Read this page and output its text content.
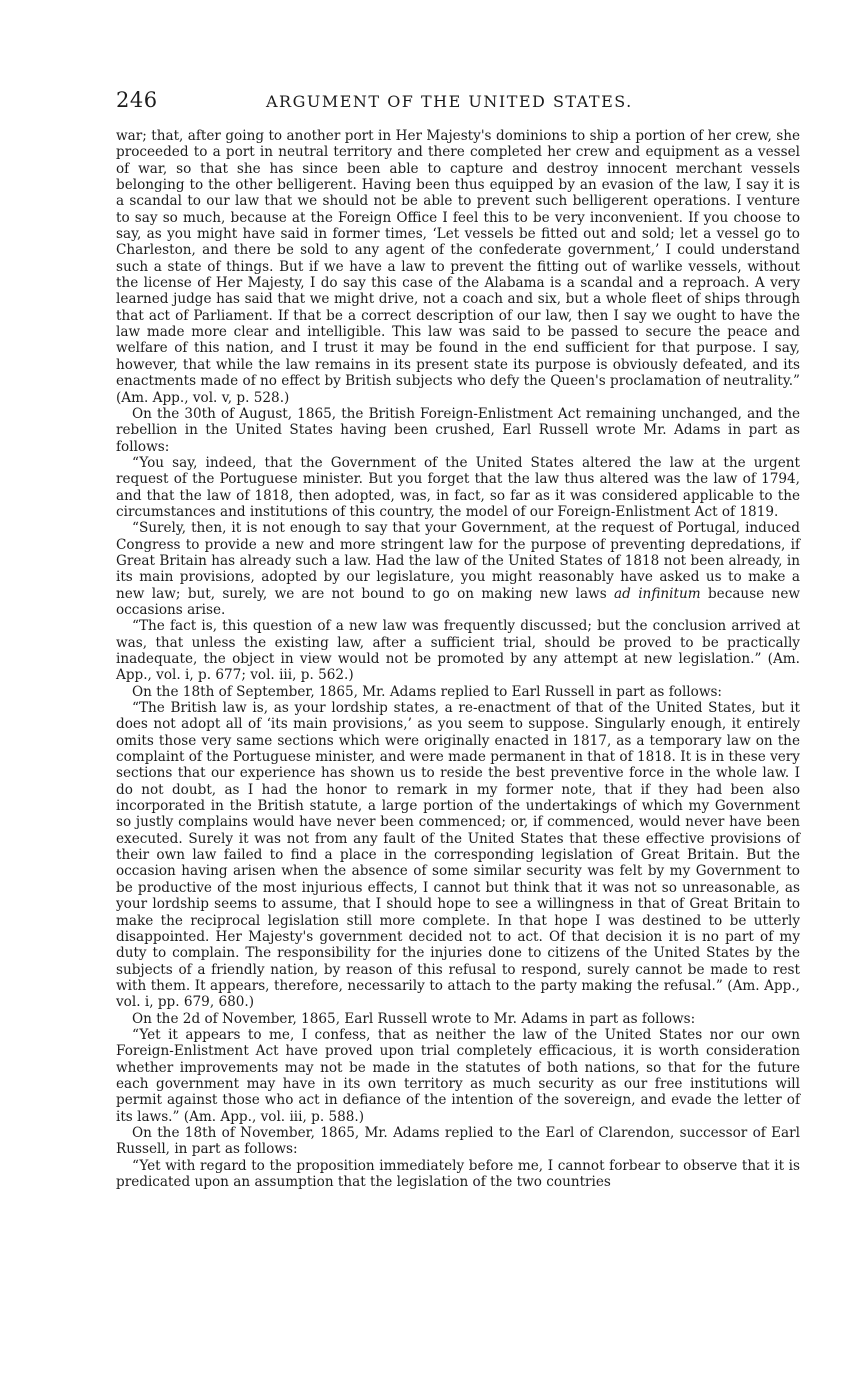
246	ARGUMENT OF THE UNITED STATES.

war; that, after going to another port in Her Majesty's dominions to ship a portion of her crew, she proceeded to a port in neutral territory and there completed her crew and equipment as a vessel of war, so that she has since been able to capture and destroy innocent merchant vessels belonging to the other belligerent. Having been thus equipped by an evasion of the law, I say it is a scandal to our law that we should not be able to prevent such belligerent operations. I venture to say so much, because at the Foreign Office I feel this to be very inconvenient. If you choose to say, as you might have said in former times, ‘Let vessels be fitted out and sold; let a vessel go to Charleston, and there be sold to any agent of the confederate government,’ I could understand such a state of things. But if we have a law to prevent the fitting out of warlike vessels, without the license of Her Majesty, I do say this case of the Alabama is a scandal and a reproach. A very learned judge has said that we might drive, not a coach and six, but a whole fleet of ships through that act of Parliament. If that be a correct description of our law, then I say we ought to have the law made more clear and intelligible. This law was said to be passed to secure the peace and welfare of this nation, and I trust it may be found in the end sufficient for that purpose. I say, however, that while the law remains in its present state its purpose is obviously defeated, and its enactments made of no effect by British subjects who defy the Queen's proclamation of neutrality.” (Am. App., vol. v, p. 528.)

On the 30th of August, 1865, the British Foreign-Enlistment Act remaining unchanged, and the rebellion in the United States having been crushed, Earl Russell wrote Mr. Adams in part as follows:

“You say, indeed, that the Government of the United States altered the law at the urgent request of the Portuguese minister. But you forget that the law thus altered was the law of 1794, and that the law of 1818, then adopted, was, in fact, so far as it was considered applicable to the circumstances and institutions of this country, the model of our Foreign-Enlistment Act of 1819.

“Surely, then, it is not enough to say that your Government, at the request of Portugal, induced Congress to provide a new and more stringent law for the purpose of preventing depredations, if Great Britain has already such a law. Had the law of the United States of 1818 not been already, in its main provisions, adopted by our legislature, you might reasonably have asked us to make a new law; but, surely, we are not bound to go on making new laws ad infinitum because new occasions arise.

“The fact is, this question of a new law was frequently discussed; but the conclusion arrived at was, that unless the existing law, after a sufficient trial, should be proved to be practically inadequate, the object in view would not be promoted by any attempt at new legislation.” (Am. App., vol. i, p. 677; vol. iii, p. 562.)

On the 18th of September, 1865, Mr. Adams replied to Earl Russell in part as follows:

“The British law is, as your lordship states, a re-enactment of that of the United States, but it does not adopt all of ‘its main provisions,’ as you seem to suppose. Singularly enough, it entirely omits those very same sections which were originally enacted in 1817, as a temporary law on the complaint of the Portuguese minister, and were made permanent in that of 1818. It is in these very sections that our experience has shown us to reside the best preventive force in the whole law. I do not doubt, as I had the honor to remark in my former note, that if they had been also incorporated in the British statute, a large portion of the undertakings of which my Government so justly complains would have never been commenced; or, if commenced, would never have been executed. Surely it was not from any fault of the United States that these effective provisions of their own law failed to find a place in the corresponding legislation of Great Britain. But the occasion having arisen when the absence of some similar security was felt by my Government to be productive of the most injurious effects, I cannot but think that it was not so unreasonable, as your lordship seems to assume, that I should hope to see a willingness in that of Great Britain to make the reciprocal legislation still more complete. In that hope I was destined to be utterly disappointed. Her Majesty's government decided not to act. Of that decision it is no part of my duty to complain. The responsibility for the injuries done to citizens of the United States by the subjects of a friendly nation, by reason of this refusal to respond, surely cannot be made to rest with them. It appears, therefore, necessarily to attach to the party making the refusal.” (Am. App., vol. i, pp. 679, 680.)

On the 2d of November, 1865, Earl Russell wrote to Mr. Adams in part as follows:

“Yet it appears to me, I confess, that as neither the law of the United States nor our own Foreign-Enlistment Act have proved upon trial completely efficacious, it is worth consideration whether improvements may not be made in the statutes of both nations, so that for the future each government may have in its own territory as much security as our free institutions will permit against those who act in defiance of the intention of the sovereign, and evade the letter of its laws.” (Am. App., vol. iii, p. 588.)

On the 18th of November, 1865, Mr. Adams replied to the Earl of Clarendon, successor of Earl Russell, in part as follows:

“Yet with regard to the proposition immediately before me, I cannot forbear to observe that it is predicated upon an assumption that the legislation of the two countries
